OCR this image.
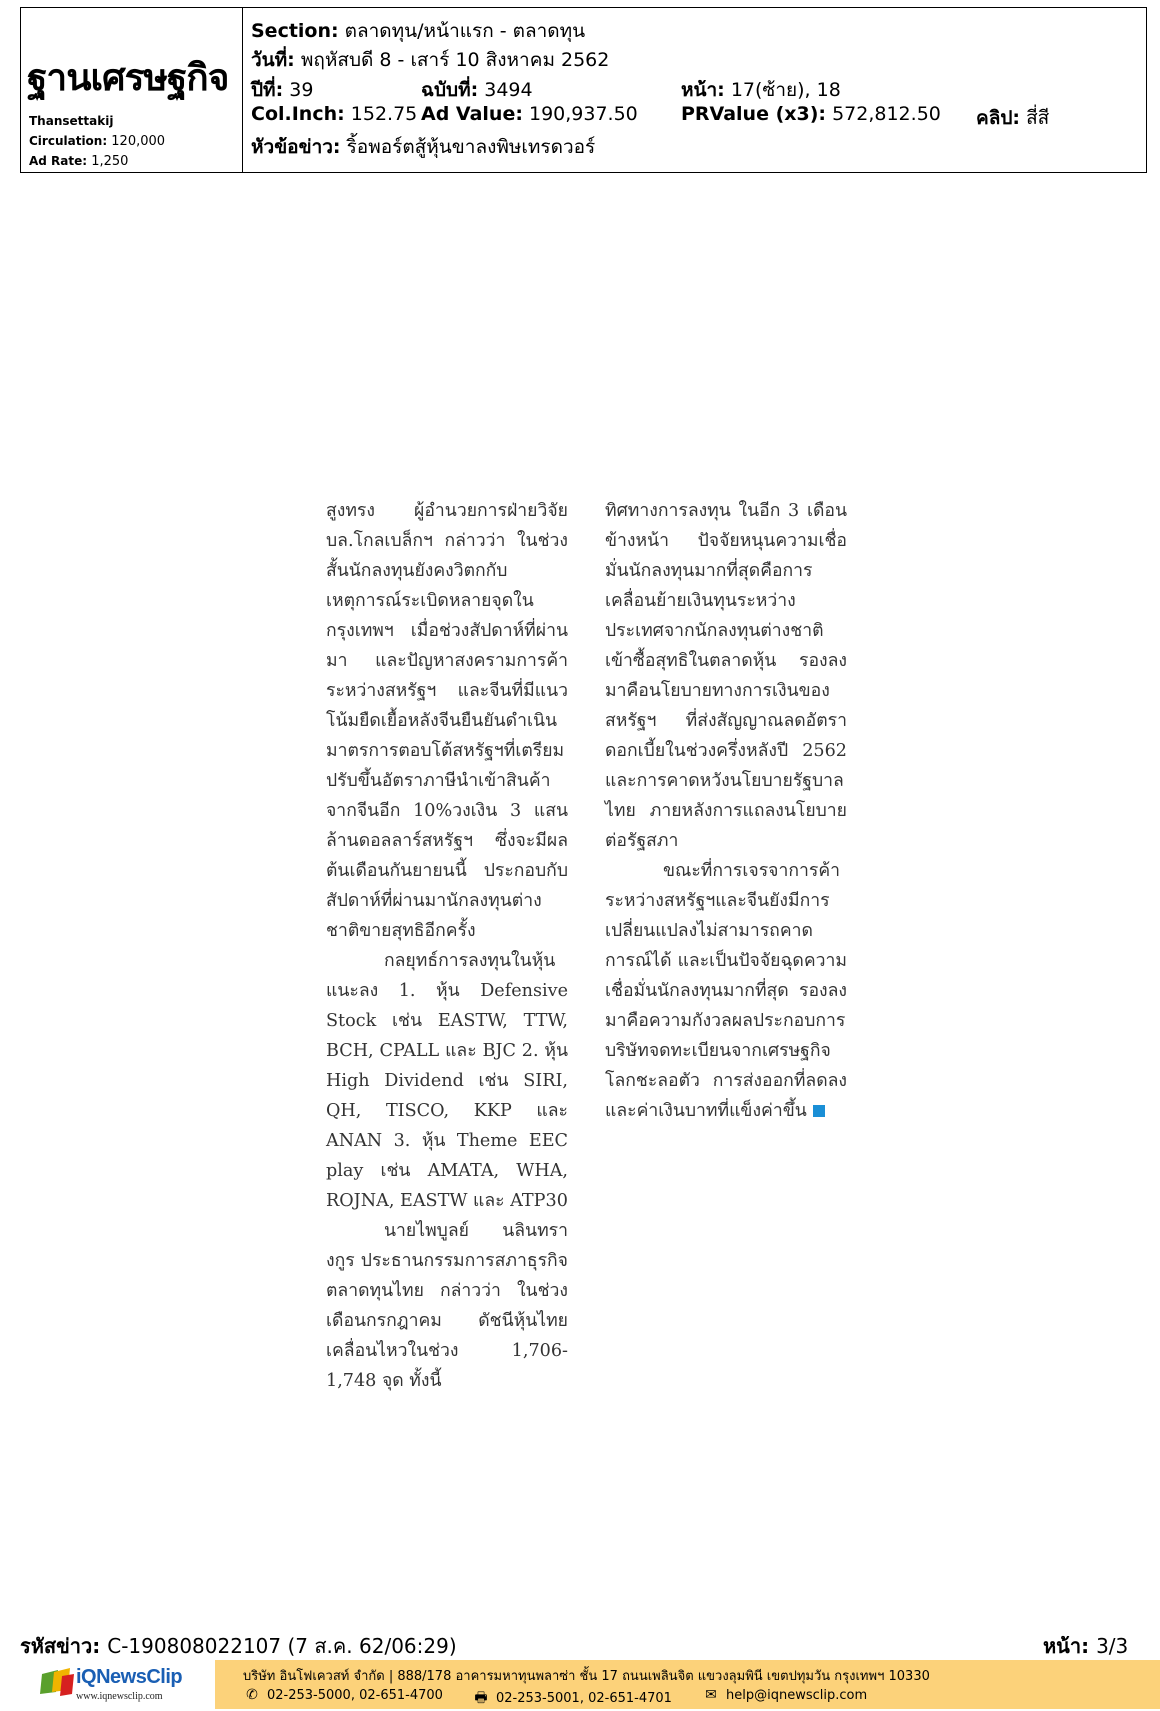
ฐานเศรษฐกิจ
Thansettakij
Circulation: 120,000
Ad Rate: 1,250
Section: ตลาดทุน/หน้าแรก - ตลาดทุน
วันที่: พฤหัสบดี 8 - เสาร์ 10 สิงหาคม 2562
ปีที่: 39	ฉบับที่: 3494	หน้า: 17(ซ้าย), 18
Col.Inch: 152.75 Ad Value: 190,937.50 PRValue (x3): 572,812.50 คลิป: สี่สี
หัวข้อข่าว: ริ้อพอร์ตสู้หุ้นขาลงพิษเทรดวอร์

สูงทรง ผู้อำนวยการฝ่ายวิจัย บล.โกลเบล็กฯ กล่าวว่า ในช่วงสั้นนักลงทุนยังคงวิตกกับเหตุการณ์ระเบิดหลายจุดในกรุงเทพฯ เมื่อช่วงสัปดาห์ที่ผ่านมา และปัญหาสงครามการค้าระหว่างสหรัฐฯ และจีนที่มีแนวโน้มยืดเยื้อหลังจีนยืนยันดำเนินมาตรการตอบโต้สหรัฐฯที่เตรียมปรับขึ้นอัตราภาษีนำเข้าสินค้าจากจีนอีก 10%วงเงิน 3 แสนล้านดอลลาร์สหรัฐฯ ซึ่งจะมีผลต้นเดือนกันยายนนี้ ประกอบกับสัปดาห์ที่ผ่านมานักลงทุนต่างชาติขายสุทธิอีกครั้ง

กลยุทธ์การลงทุนในหุ้นแนะลง 1. หุ้น Defensive Stock เช่น EASTW, TTW, BCH, CPALL และ BJC 2. หุ้น High Dividend เช่น SIRI, QH, TISCO, KKP และ ANAN 3. หุ้น Theme EEC play เช่น AMATA, WHA, ROJNA, EASTW และ ATP30

นายไพบูลย์ นลินทรางกูร ประธานกรรมการสภาธุรกิจตลาดทุนไทย กล่าวว่า ในช่วงเดือนกรกฎาคม ดัชนีหุ้นไทยเคลื่อนไหวในช่วง 1,706-1,748 จุด ทั้งนี้

ทิศทางการลงทุน ในอีก 3 เดือนข้างหน้า ปัจจัยหนุนความเชื่อมั่นนักลงทุนมากที่สุดคือการเคลื่อนย้ายเงินทุนระหว่างประเทศจากนักลงทุนต่างชาติเข้าซื้อสุทธิในตลาดหุ้น รองลงมาคือนโยบายทางการเงินของสหรัฐฯ ที่ส่งสัญญาณลดอัตราดอกเบี้ยในช่วงครึ่งหลังปี 2562 และการคาดหวังนโยบายรัฐบาลไทย ภายหลังการแถลงนโยบายต่อรัฐสภา

ขณะที่การเจรจาการค้าระหว่างสหรัฐฯและจีนยังมีการเปลี่ยนแปลงไม่สามารถคาดการณ์ได้ และเป็นปัจจัยฉุดความเชื่อมั่นนักลงทุนมากที่สุด รองลงมาคือความกังวลผลประกอบการบริษัทจดทะเบียนจากเศรษฐกิจโลกชะลอตัว การส่งออกที่ลดลงและค่าเงินบาทที่แข็งค่าขึ้น

รหัสข่าว: C-190808022107 (7 ส.ค. 62/06:29)	หน้า: 3/3
iQNewsClip
www.iqnewsclip.com
บริษัท อินโฟเควสท์ จำกัด | 888/178 อาคารมหาทุนพลาซ่า ชั้น 17 ถนนเพลินจิต แขวงลุมพินี เขตปทุมวัน กรุงเทพฯ 10330
✆ 02-253-5000, 02-651-4700 🖶 02-253-5001, 02-651-4701 ✉ help@iqnewsclip.com
